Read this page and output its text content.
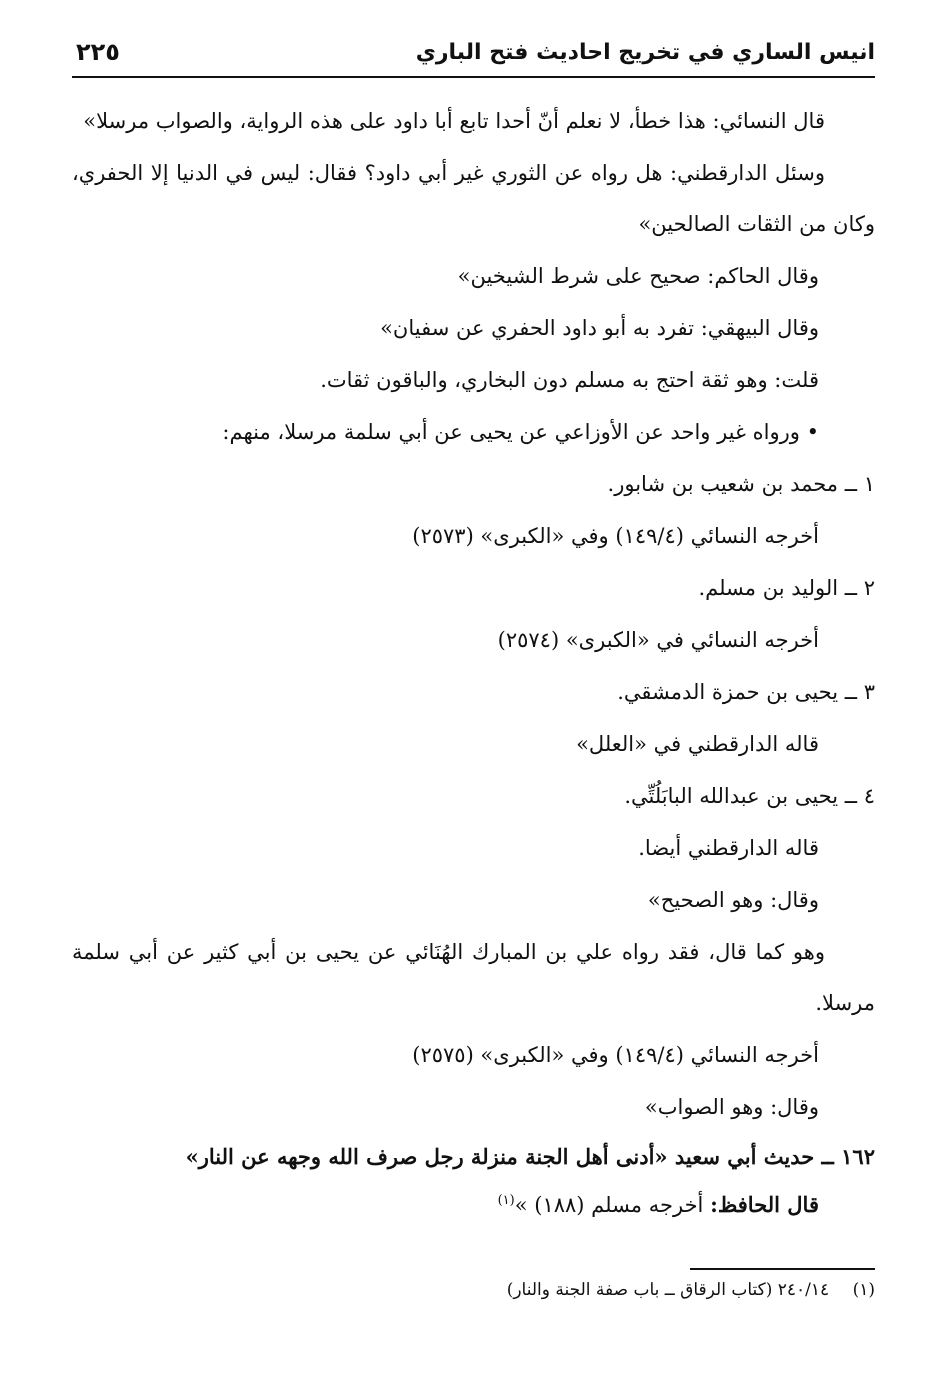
انيس الساري في تخريج احاديث فتح الباري
٢٢٥

قال النسائي: هذا خطأ، لا نعلم أنّ أحدا تابع أبا داود على هذه الرواية، والصواب مرسلا»

وسئل الدارقطني: هل رواه عن الثوري غير أبي داود؟ فقال: ليس في الدنيا إلا الحفري، وكان من الثقات الصالحين»

وقال الحاكم: صحيح على شرط الشيخين»

وقال البيهقي: تفرد به أبو داود الحفري عن سفيان»

قلت: وهو ثقة احتج به مسلم دون البخاري، والباقون ثقات.

• ورواه غير واحد عن الأوزاعي عن يحيى عن أبي سلمة مرسلا، منهم:

١ ــ محمد بن شعيب بن شابور.

أخرجه النسائي (١٤٩/٤) وفي «الكبرى» (٢٥٧٣)

٢ ــ الوليد بن مسلم.

أخرجه النسائي في «الكبرى» (٢٥٧٤)

٣ ــ يحيى بن حمزة الدمشقي.

قاله الدارقطني في «العلل»

٤ ــ يحيى بن عبدالله البابَلُتِّي.

قاله الدارقطني أيضا.

وقال: وهو الصحيح»

وهو كما قال، فقد رواه علي بن المبارك الهُنَائي عن يحيى بن أبي كثير عن أبي سلمة مرسلا.

أخرجه النسائي (١٤٩/٤) وفي «الكبرى» (٢٥٧٥)

وقال: وهو الصواب»

١٦٢ ــ حديث أبي سعيد «أدنى أهل الجنة منزلة رجل صرف الله وجهه عن النار»

قال الحافظ: أخرجه مسلم (١٨٨) »$^{(١)}$

(١) ٢٤٠/١٤ (كتاب الرقاق ــ باب صفة الجنة والنار)
